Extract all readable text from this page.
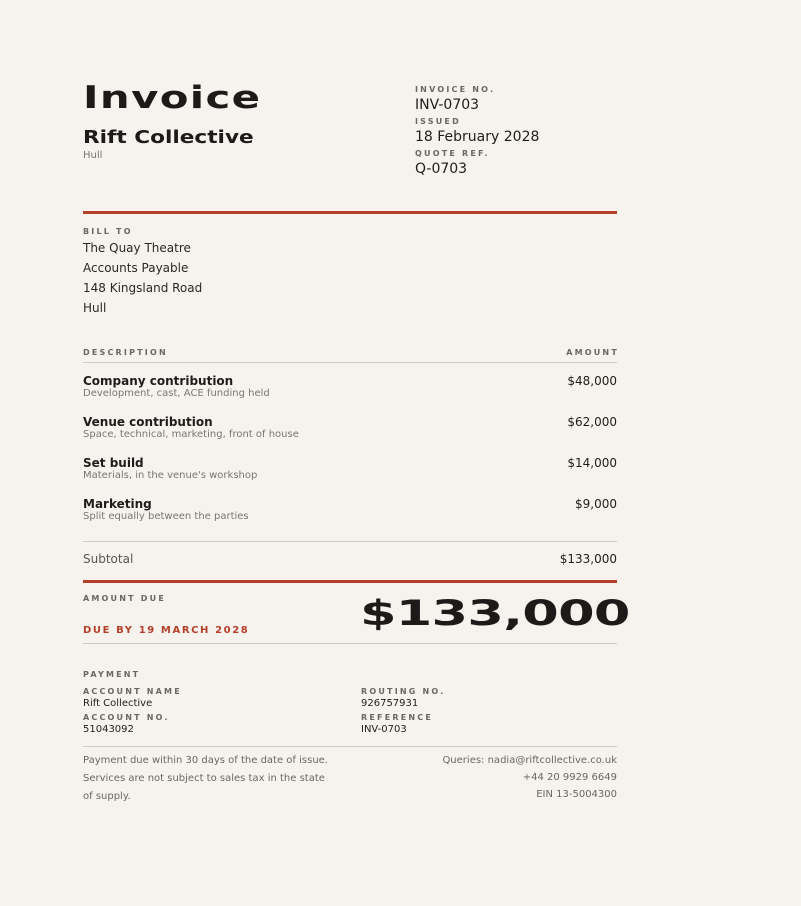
Invoice
Rift Collective
Hull
INVOICE NO.
INV-0703
ISSUED
18 February 2028
QUOTE REF.
Q-0703
BILL TO
The Quay Theatre
Accounts Payable
148 Kingsland Road
Hull
DESCRIPTION	AMOUNT
Company contribution
Development, cast, ACE funding held
$48,000
Venue contribution
Space, technical, marketing, front of house
$62,000
Set build
Materials, in the venue's workshop
$14,000
Marketing
Split equally between the parties
$9,000
Subtotal	$133,000
AMOUNT DUE
DUE BY 19 MARCH 2028	$133,000
PAYMENT
ACCOUNT NAME
Rift Collective
ACCOUNT NO.
51043092
ROUTING NO.
926757931
REFERENCE
INV-0703
Payment due within 30 days of the date of issue. Services are not subject to sales tax in the state of supply.
Queries: nadia@riftcollective.co.uk
+44 20 9929 6649
EIN 13-5004300
